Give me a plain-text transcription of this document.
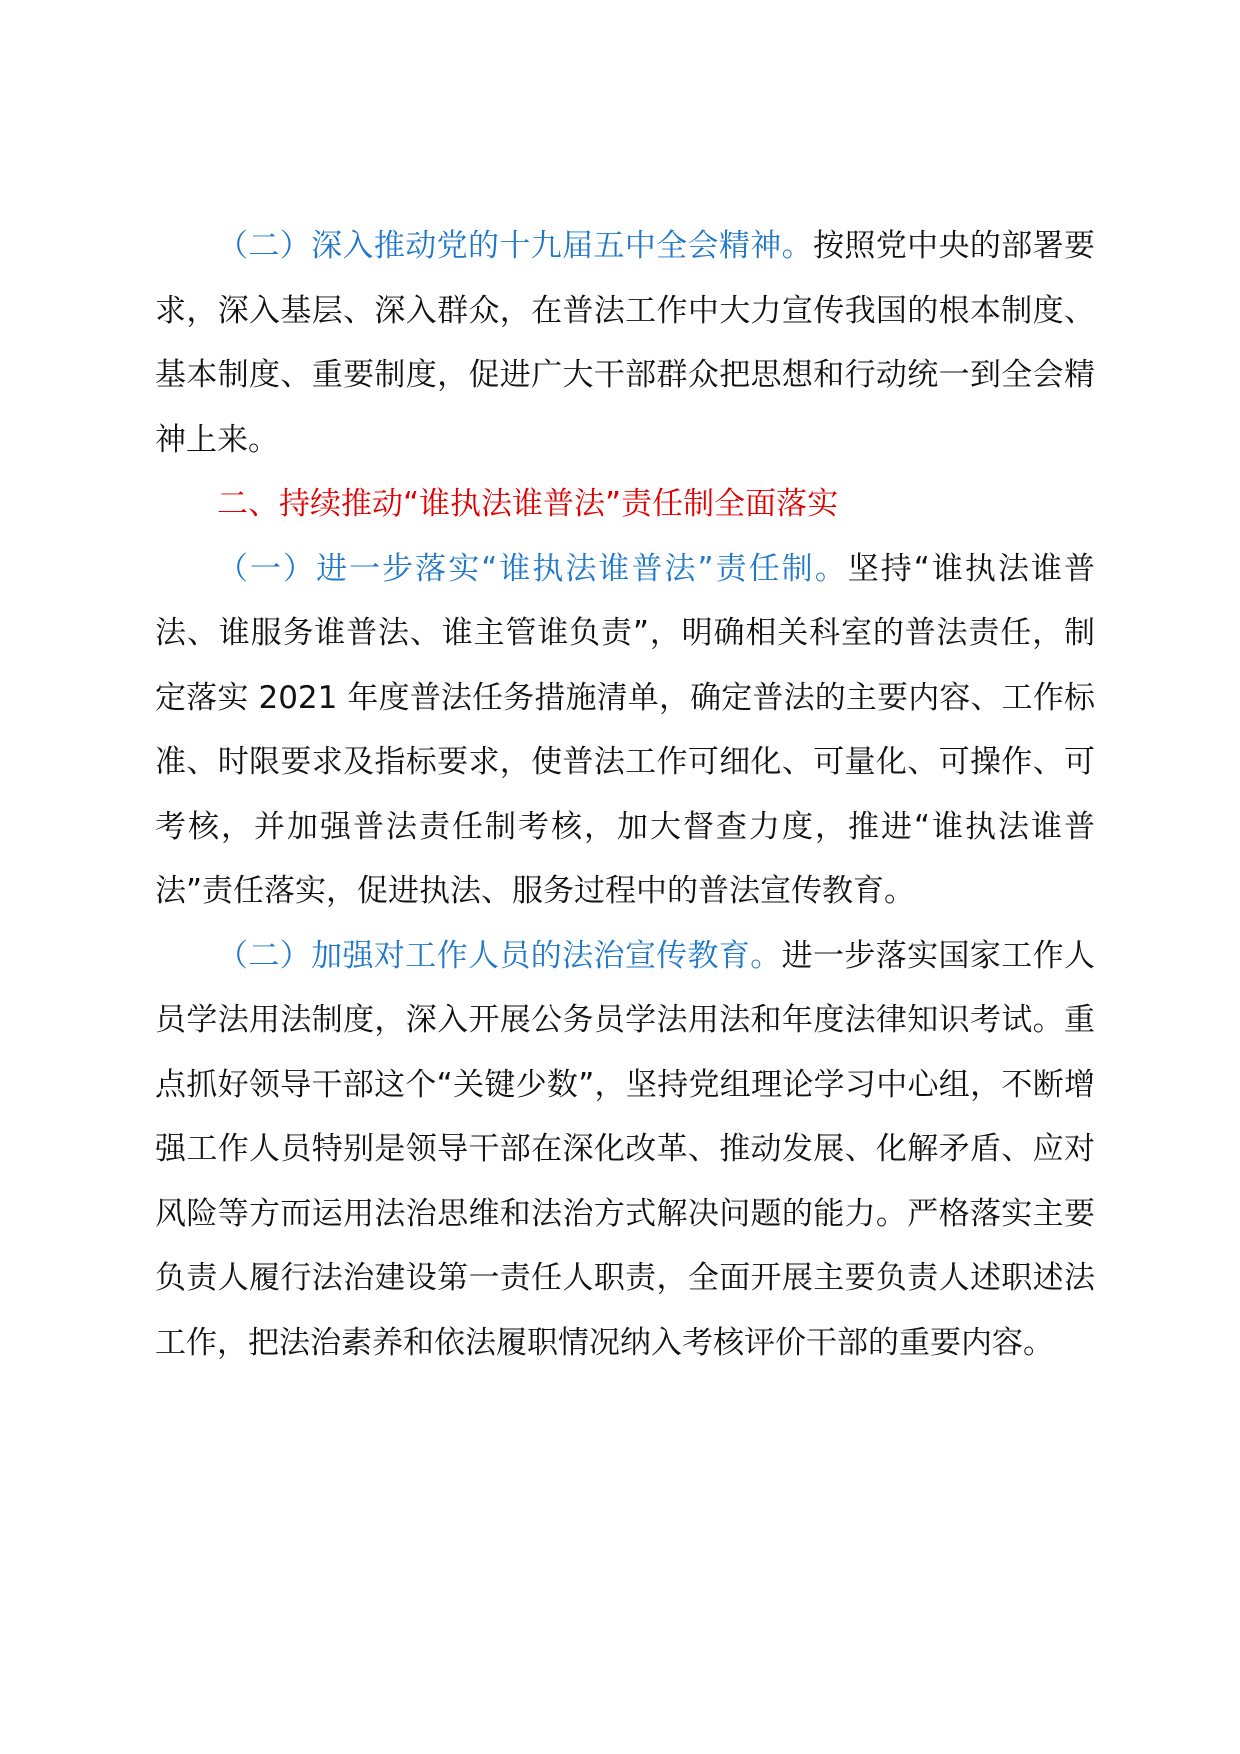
（二）深入推动党的十九届五中全会精神。按照党中央的部署要求，深入基层、深入群众，在普法工作中大力宣传我国的根本制度、基本制度、重要制度，促进广大干部群众把思想和行动统一到全会精神上来。

二、持续推动“谁执法谁普法”责任制全面落实

（一）进一步落实“谁执法谁普法”责任制。坚持“谁执法谁普法、谁服务谁普法、谁主管谁负责”，明确相关科室的普法责任，制定落实 2021 年度普法任务措施清单，确定普法的主要内容、工作标准、时限要求及指标要求，使普法工作可细化、可量化、可操作、可考核，并加强普法责任制考核，加大督查力度，推进“谁执法谁普法”责任落实，促进执法、服务过程中的普法宣传教育。

（二）加强对工作人员的法治宣传教育。进一步落实国家工作人员学法用法制度，深入开展公务员学法用法和年度法律知识考试。重点抓好领导干部这个“关键少数”，坚持党组理论学习中心组，不断增强工作人员特别是领导干部在深化改革、推动发展、化解矛盾、应对风险等方而运用法治思维和法治方式解决问题的能力。严格落实主要负责人履行法治建设第一责任人职责，全面开展主要负责人述职述法工作，把法治素养和依法履职情况纳入考核评价干部的重要内容。
